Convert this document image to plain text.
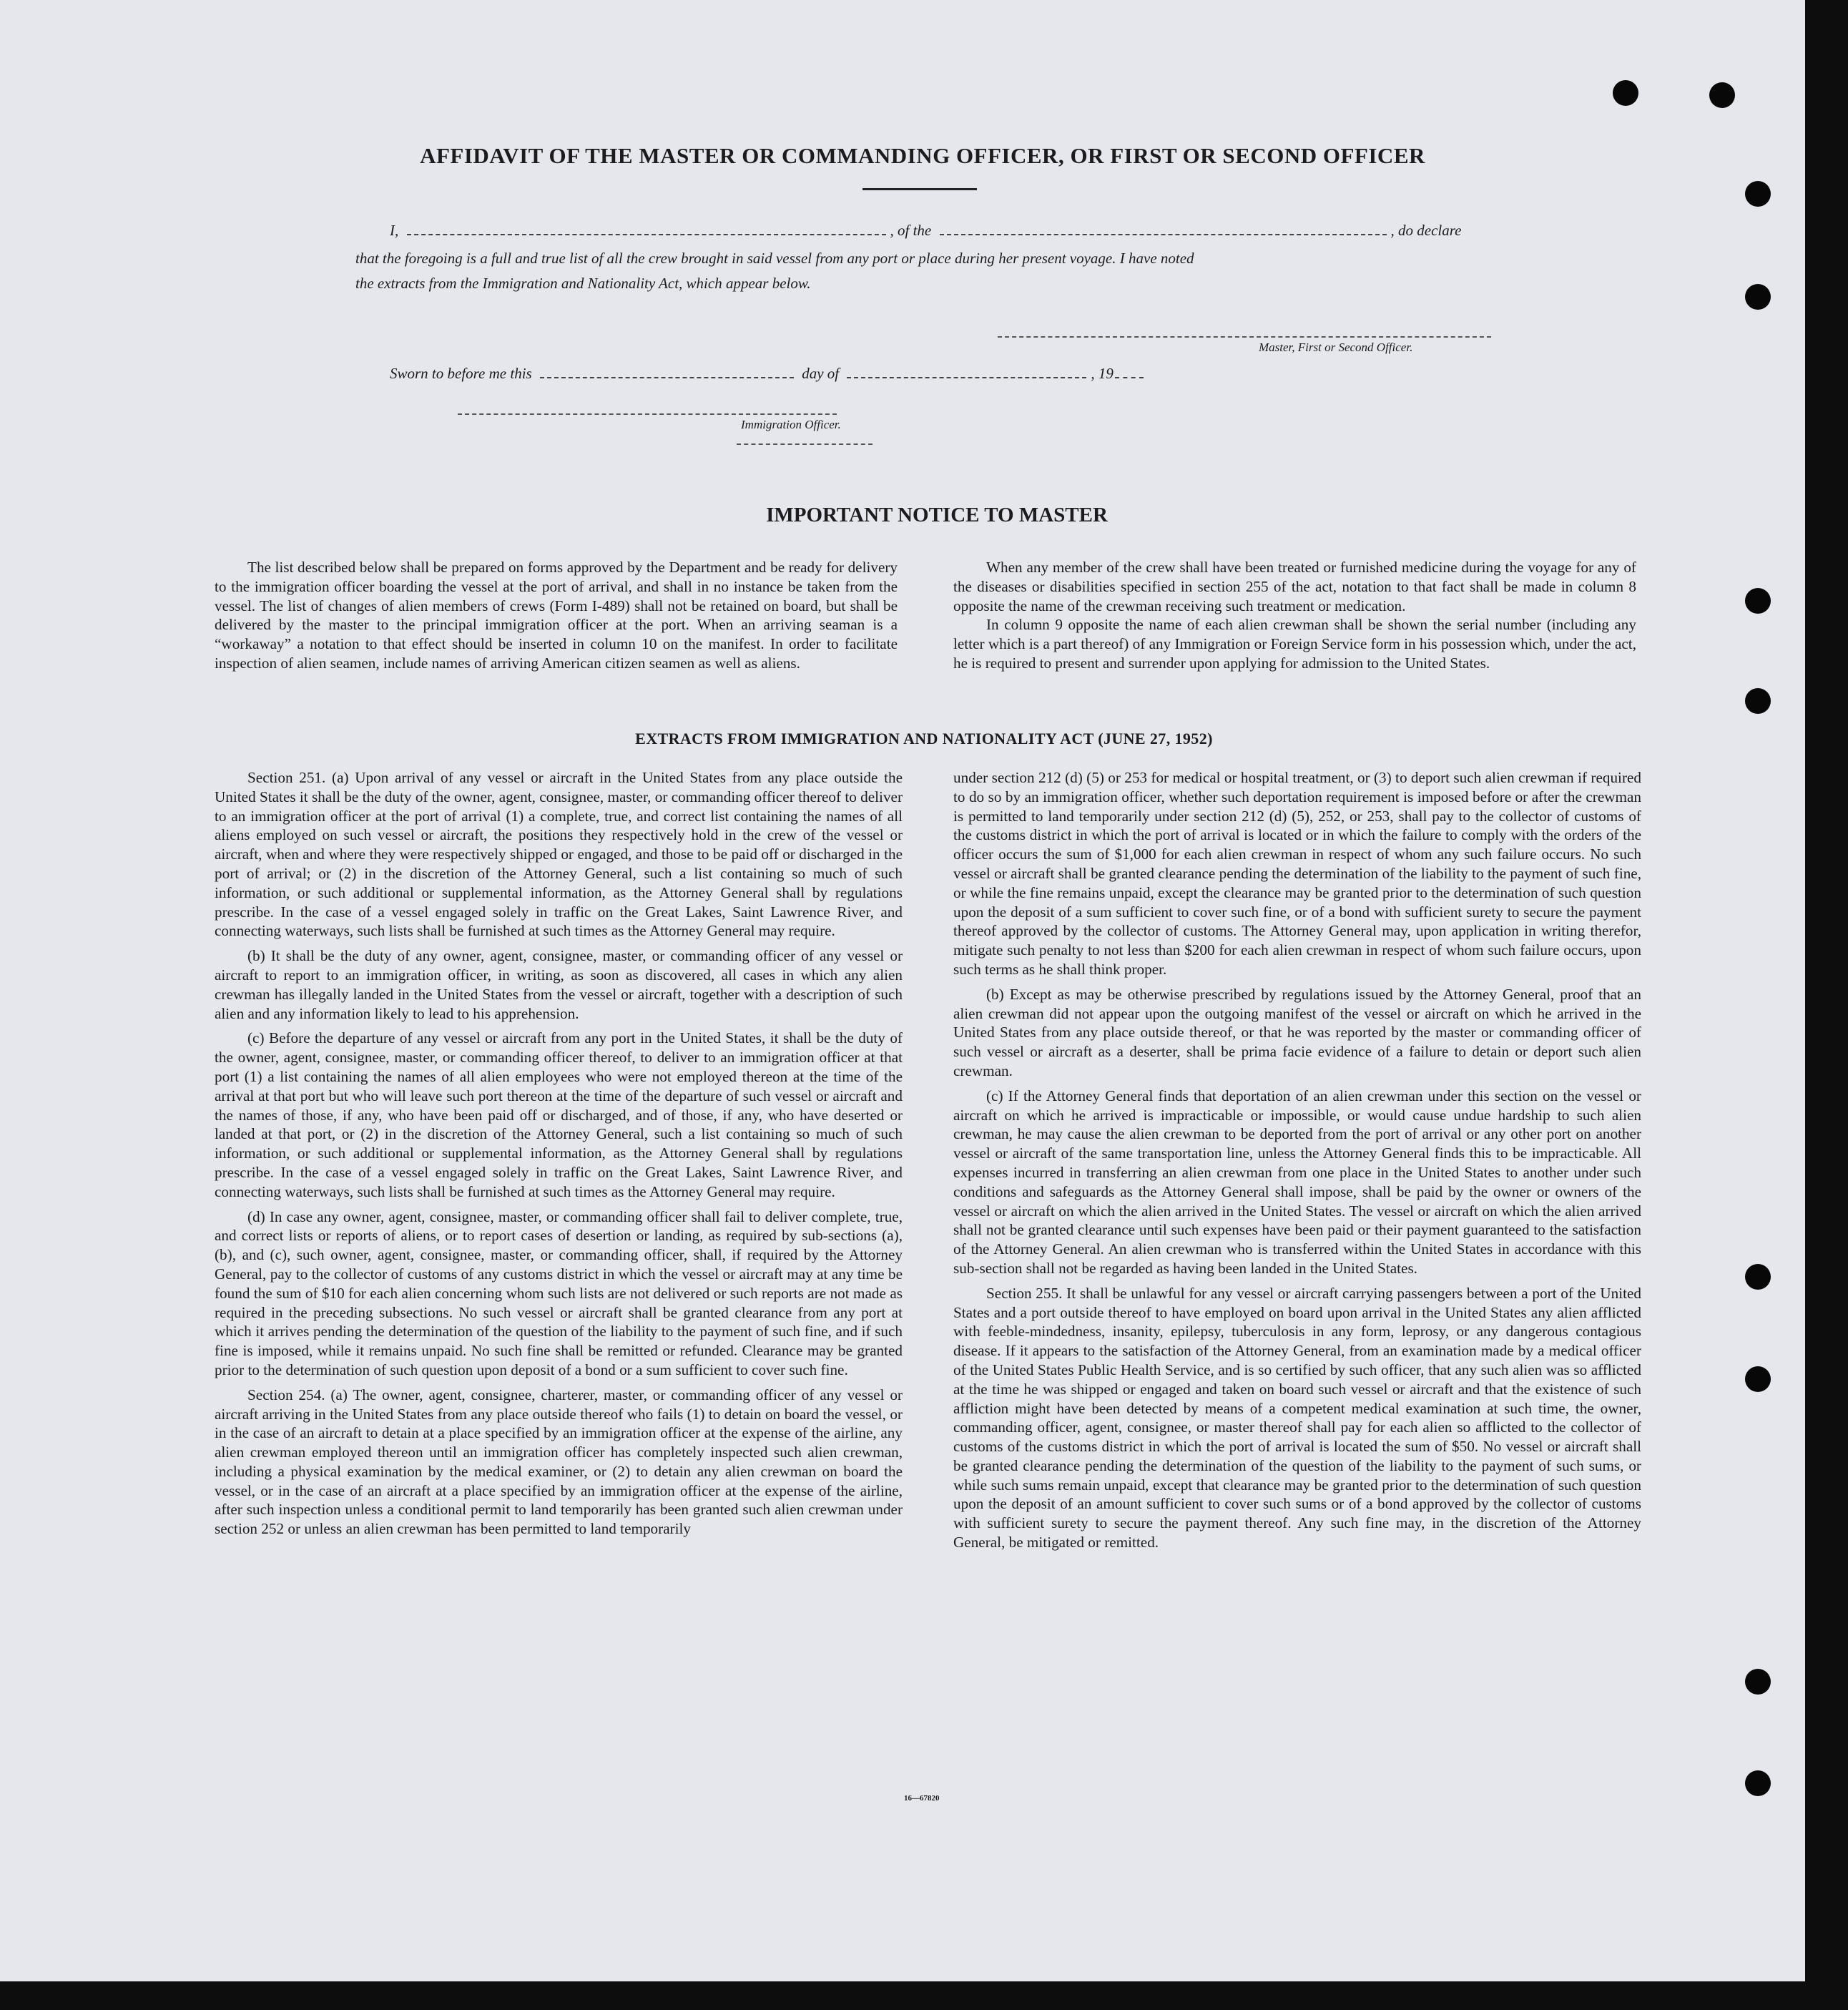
AFFIDAVIT OF THE MASTER OR COMMANDING OFFICER, OR FIRST OR SECOND OFFICER
I,	, of the	, do declare
that the foregoing is a full and true list of all the crew brought in said vessel from any port or place during her present voyage. I have noted
the extracts from the Immigration and Nationality Act, which appear below.
Master, First or Second Officer.
Sworn to before me this	day of	, 19
Immigration Officer.
IMPORTANT NOTICE TO MASTER

The list described below shall be prepared on forms approved by the Department and be ready for delivery to the immigration officer boarding the vessel at the port of arrival, and shall in no instance be taken from the vessel. The list of changes of alien members of crews (Form I-489) shall not be retained on board, but shall be delivered by the master to the principal immigration officer at the port. When an arriving seaman is a “workaway” a notation to that effect should be inserted in column 10 on the manifest. In order to facilitate inspection of alien seamen, include names of arriving American citizen seamen as well as aliens.

When any member of the crew shall have been treated or furnished medicine during the voyage for any of the diseases or disabilities specified in section 255 of the act, notation to that fact shall be made in column 8 opposite the name of the crewman receiving such treatment or medication.

In column 9 opposite the name of each alien crewman shall be shown the serial number (including any letter which is a part thereof) of any Immigration or Foreign Service form in his possession which, under the act, he is required to present and surrender upon applying for admission to the United States.

EXTRACTS FROM IMMIGRATION AND NATIONALITY ACT (JUNE 27, 1952)

Section 251. (a) Upon arrival of any vessel or aircraft in the United States from any place outside the United States it shall be the duty of the owner, agent, consignee, master, or commanding officer thereof to deliver to an immigration officer at the port of arrival (1) a complete, true, and correct list containing the names of all aliens employed on such vessel or aircraft, the positions they respectively hold in the crew of the vessel or aircraft, when and where they were respectively shipped or engaged, and those to be paid off or discharged in the port of arrival; or (2) in the discretion of the Attorney General, such a list containing so much of such information, or such additional or supplemental information, as the Attorney General shall by regulations prescribe. In the case of a vessel engaged solely in traffic on the Great Lakes, Saint Lawrence River, and connecting waterways, such lists shall be furnished at such times as the Attorney General may require.

(b) It shall be the duty of any owner, agent, consignee, master, or commanding officer of any vessel or aircraft to report to an immigration officer, in writing, as soon as discovered, all cases in which any alien crewman has illegally landed in the United States from the vessel or aircraft, together with a description of such alien and any information likely to lead to his apprehension.

(c) Before the departure of any vessel or aircraft from any port in the United States, it shall be the duty of the owner, agent, consignee, master, or commanding officer thereof, to deliver to an immigration officer at that port (1) a list containing the names of all alien employees who were not employed thereon at the time of the arrival at that port but who will leave such port thereon at the time of the departure of such vessel or aircraft and the names of those, if any, who have been paid off or discharged, and of those, if any, who have deserted or landed at that port, or (2) in the discretion of the Attorney General, such a list containing so much of such information, or such additional or supplemental information, as the Attorney General shall by regulations prescribe. In the case of a vessel engaged solely in traffic on the Great Lakes, Saint Lawrence River, and connecting waterways, such lists shall be furnished at such times as the Attorney General may require.

(d) In case any owner, agent, consignee, master, or commanding officer shall fail to deliver complete, true, and correct lists or reports of aliens, or to report cases of desertion or landing, as required by sub-sections (a), (b), and (c), such owner, agent, consignee, master, or commanding officer, shall, if required by the Attorney General, pay to the collector of customs of any customs district in which the vessel or aircraft may at any time be found the sum of $10 for each alien concerning whom such lists are not delivered or such reports are not made as required in the preceding subsections. No such vessel or aircraft shall be granted clearance from any port at which it arrives pending the determination of the question of the liability to the payment of such fine, and if such fine is imposed, while it remains unpaid. No such fine shall be remitted or refunded. Clearance may be granted prior to the determination of such question upon deposit of a bond or a sum sufficient to cover such fine.

Section 254. (a) The owner, agent, consignee, charterer, master, or commanding officer of any vessel or aircraft arriving in the United States from any place outside thereof who fails (1) to detain on board the vessel, or in the case of an aircraft to detain at a place specified by an immigration officer at the expense of the airline, any alien crewman employed thereon until an immigration officer has completely inspected such alien crewman, including a physical examination by the medical examiner, or (2) to detain any alien crewman on board the vessel, or in the case of an aircraft at a place specified by an immigration officer at the expense of the airline, after such inspection unless a conditional permit to land temporarily has been granted such alien crewman under section 252 or unless an alien crewman has been permitted to land temporarily

under section 212 (d) (5) or 253 for medical or hospital treatment, or (3) to deport such alien crewman if required to do so by an immigration officer, whether such deportation requirement is imposed before or after the crewman is permitted to land temporarily under section 212 (d) (5), 252, or 253, shall pay to the collector of customs of the customs district in which the port of arrival is located or in which the failure to comply with the orders of the officer occurs the sum of $1,000 for each alien crewman in respect of whom any such failure occurs. No such vessel or aircraft shall be granted clearance pending the determination of the liability to the payment of such fine, or while the fine remains unpaid, except the clearance may be granted prior to the determination of such question upon the deposit of a sum sufficient to cover such fine, or of a bond with sufficient surety to secure the payment thereof approved by the collector of customs. The Attorney General may, upon application in writing therefor, mitigate such penalty to not less than $200 for each alien crewman in respect of whom such failure occurs, upon such terms as he shall think proper.

(b) Except as may be otherwise prescribed by regulations issued by the Attorney General, proof that an alien crewman did not appear upon the outgoing manifest of the vessel or aircraft on which he arrived in the United States from any place outside thereof, or that he was reported by the master or commanding officer of such vessel or aircraft as a deserter, shall be prima facie evidence of a failure to detain or deport such alien crewman.

(c) If the Attorney General finds that deportation of an alien crewman under this section on the vessel or aircraft on which he arrived is impracticable or impossible, or would cause undue hardship to such alien crewman, he may cause the alien crewman to be deported from the port of arrival or any other port on another vessel or aircraft of the same transportation line, unless the Attorney General finds this to be impracticable. All expenses incurred in transferring an alien crewman from one place in the United States to another under such conditions and safeguards as the Attorney General shall impose, shall be paid by the owner or owners of the vessel or aircraft on which the alien arrived in the United States. The vessel or aircraft on which the alien arrived shall not be granted clearance until such expenses have been paid or their payment guaranteed to the satisfaction of the Attorney General. An alien crewman who is transferred within the United States in accordance with this sub-section shall not be regarded as having been landed in the United States.

Section 255. It shall be unlawful for any vessel or aircraft carrying passengers between a port of the United States and a port outside thereof to have employed on board upon arrival in the United States any alien afflicted with feeble-mindedness, insanity, epilepsy, tuberculosis in any form, leprosy, or any dangerous contagious disease. If it appears to the satisfaction of the Attorney General, from an examination made by a medical officer of the United States Public Health Service, and is so certified by such officer, that any such alien was so afflicted at the time he was shipped or engaged and taken on board such vessel or aircraft and that the existence of such affliction might have been detected by means of a competent medical examination at such time, the owner, commanding officer, agent, consignee, or master thereof shall pay for each alien so afflicted to the collector of customs of the customs district in which the port of arrival is located the sum of $50. No vessel or aircraft shall be granted clearance pending the determination of the question of the liability to the payment of such sums, or while such sums remain unpaid, except that clearance may be granted prior to the determination of such question upon the deposit of an amount sufficient to cover such sums or of a bond approved by the collector of customs with sufficient surety to secure the payment thereof. Any such fine may, in the discretion of the Attorney General, be mitigated or remitted.

16—67820
